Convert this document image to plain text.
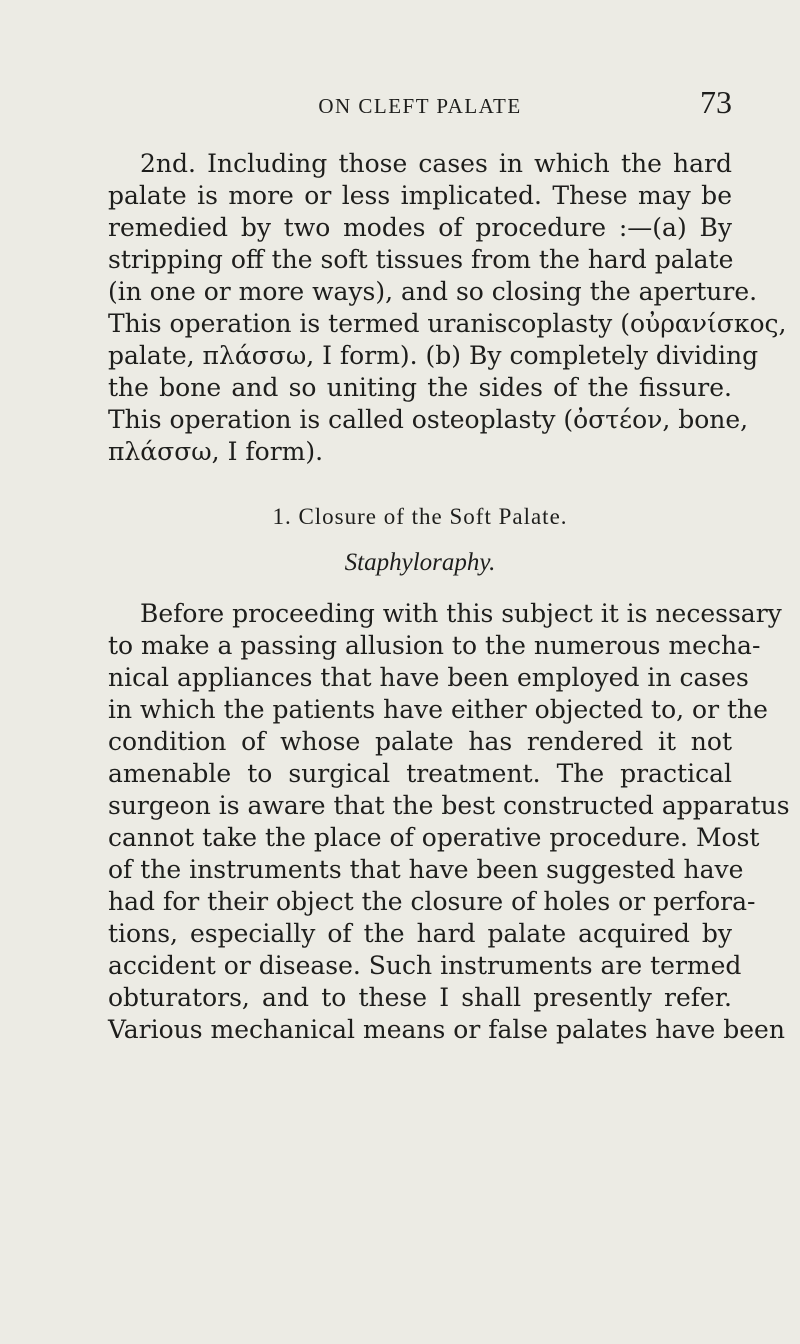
ON CLEFT PALATE	73
2nd. Including those cases in which the hard
palate is more or less implicated. These may be
remedied by two modes of procedure :—(a) By
stripping off the soft tissues from the hard palate
(in one or more ways), and so closing the aperture.
This operation is termed uraniscoplasty (οὐρανίσκος,
palate, πλάσσω, I form). (b) By completely dividing
the bone and so uniting the sides of the fissure.
This operation is called osteoplasty (ὀστέον, bone,
πλάσσω, I form).
1. Closure of the Soft Palate.
Staphyloraphy.
Before proceeding with this subject it is necessary
to make a passing allusion to the numerous mecha-
nical appliances that have been employed in cases
in which the patients have either objected to, or the
condition of whose palate has rendered it not
amenable to surgical treatment. The practical
surgeon is aware that the best constructed apparatus
cannot take the place of operative procedure. Most
of the instruments that have been suggested have
had for their object the closure of holes or perfora-
tions, especially of the hard palate acquired by
accident or disease. Such instruments are termed
obturators, and to these I shall presently refer.
Various mechanical means or false palates have been
